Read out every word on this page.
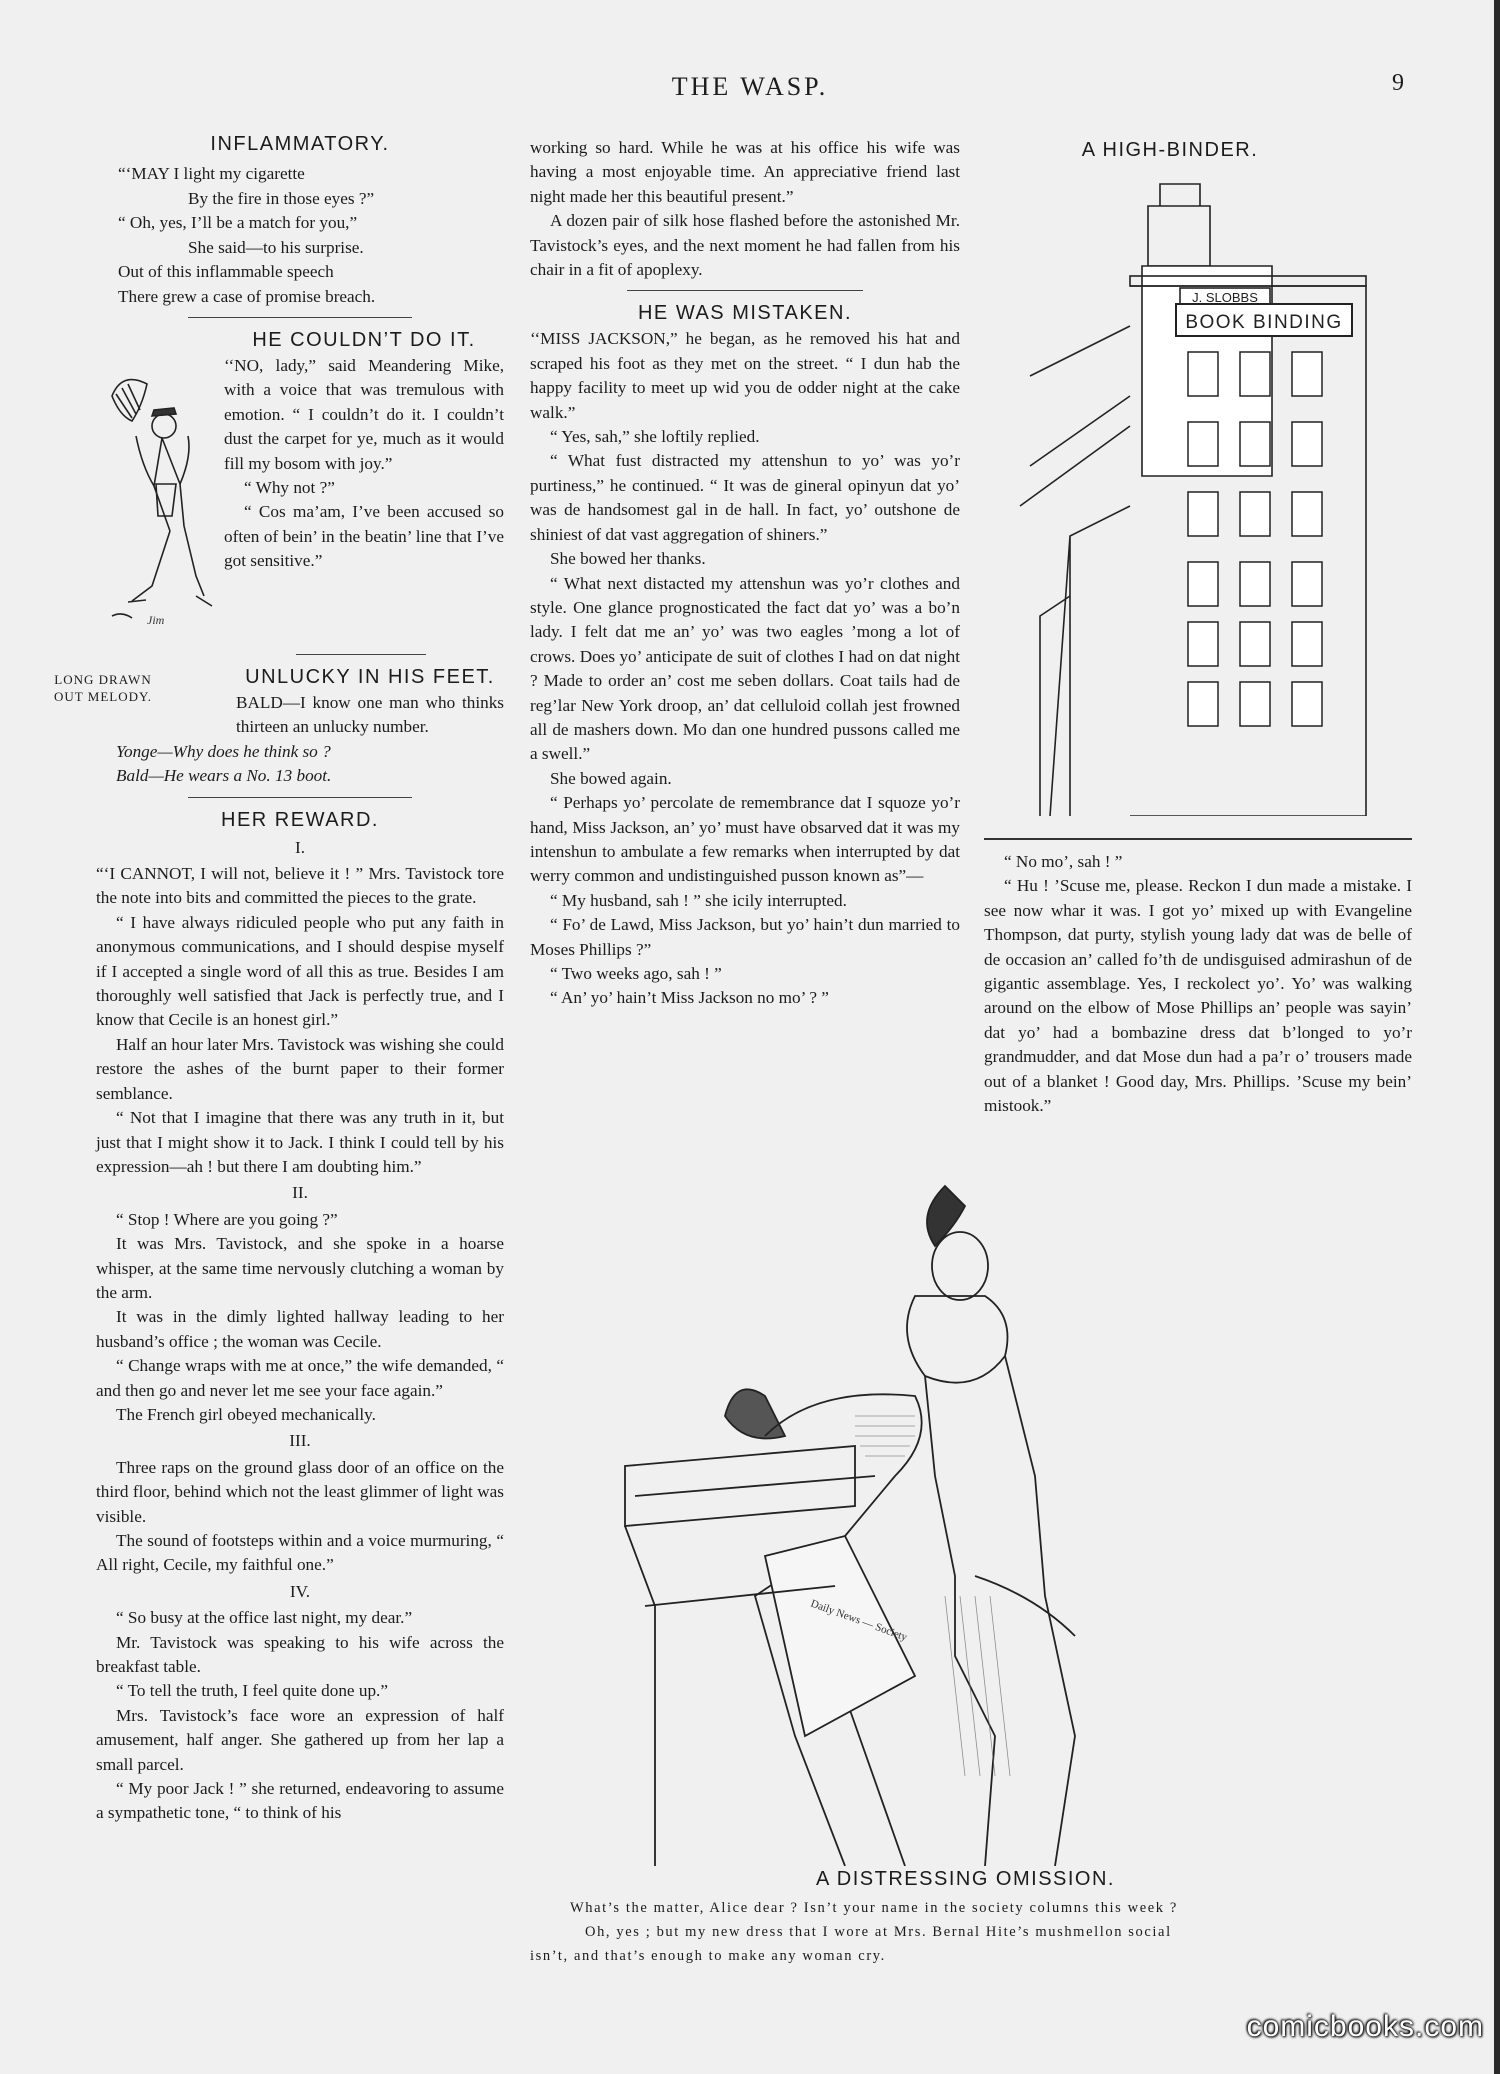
THE WASP.	9
INFLAMMATORY.
“‘MAY I light my cigarette
By the fire in those eyes ?”
“ Oh, yes, I’ll be a match for you,”
She said—to his surprise.
Out of this inflammable speech
There grew a case of promise breach.
Jim
HE COULDN’T DO IT.

‘‘NO, lady,” said Meandering Mike, with a voice that was tremulous with emotion. “ I couldn’t do it. I couldn’t dust the carpet for ye, much as it would fill my bosom with joy.”

“ Why not ?”

“ Cos ma’am, I’ve been accused so often of bein’ in the beatin’ line that I’ve got sensitive.”

LONG DRAWN OUT MELODY.
UNLUCKY IN HIS FEET.

BALD—I know one man who thinks thirteen an unlucky number.

Yonge—Why does he think so ?

Bald—He wears a No. 13 boot.

HER REWARD.
I.

“‘I CANNOT, I will not, believe it ! ” Mrs. Tavistock tore the note into bits and committed the pieces to the grate.

“ I have always ridiculed people who put any faith in anonymous communications, and I should despise myself if I accepted a single word of all this as true. Besides I am thoroughly well satisfied that Jack is perfectly true, and I know that Cecile is an honest girl.”

Half an hour later Mrs. Tavistock was wishing she could restore the ashes of the burnt paper to their former semblance.

“ Not that I imagine that there was any truth in it, but just that I might show it to Jack. I think I could tell by his expression—ah ! but there I am doubting him.”

II.

“ Stop ! Where are you going ?”

It was Mrs. Tavistock, and she spoke in a hoarse whisper, at the same time nervously clutching a woman by the arm.

It was in the dimly lighted hallway leading to her husband’s office ; the woman was Cecile.

“ Change wraps with me at once,” the wife demanded, “ and then go and never let me see your face again.”

The French girl obeyed mechanically.

III.

Three raps on the ground glass door of an office on the third floor, behind which not the least glimmer of light was visible.

The sound of footsteps within and a voice murmuring, “ All right, Cecile, my faithful one.”

IV.

“ So busy at the office last night, my dear.”

Mr. Tavistock was speaking to his wife across the breakfast table.

“ To tell the truth, I feel quite done up.”

Mrs. Tavistock’s face wore an expression of half amusement, half anger. She gathered up from her lap a small parcel.

“ My poor Jack ! ” she returned, endeavoring to assume a sympathetic tone, “ to think of his

working so hard. While he was at his office his wife was having a most enjoyable time. An appreciative friend last night made her this beautiful present.”

A dozen pair of silk hose flashed before the astonished Mr. Tavistock’s eyes, and the next moment he had fallen from his chair in a fit of apoplexy.

HE WAS MISTAKEN.

‘‘MISS JACKSON,” he began, as he removed his hat and scraped his foot as they met on the street. “ I dun hab the happy facility to meet up wid you de odder night at the cake walk.”

“ Yes, sah,” she loftily replied.

“ What fust distracted my attenshun to yo’ was yo’r purtiness,” he continued. “ It was de gineral opinyun dat yo’ was de handsomest gal in de hall. In fact, yo’ outshone de shiniest of dat vast aggregation of shiners.”

She bowed her thanks.

“ What next distacted my attenshun was yo’r clothes and style. One glance prognosticated the fact dat yo’ was a bo’n lady. I felt dat me an’ yo’ was two eagles ’mong a lot of crows. Does yo’ anticipate de suit of clothes I had on dat night ? Made to order an’ cost me seben dollars. Coat tails had de reg’lar New York droop, an’ dat celluloid collah jest frowned all de mashers down. Mo dan one hundred pussons called me a swell.”

She bowed again.

“ Perhaps yo’ percolate de remembrance dat I squoze yo’r hand, Miss Jackson, an’ yo’ must have obsarved dat it was my intenshun to ambulate a few remarks when interrupted by dat werry common and undistinguished pusson known as”—

“ My husband, sah ! ” she icily interrupted.

“ Fo’ de Lawd, Miss Jackson, but yo’ hain’t dun married to Moses Phillips ?”

“ Two weeks ago, sah ! ”

“ An’ yo’ hain’t Miss Jackson no mo’ ? ”

A HIGH-BINDER.
J. SLOBBS
BOOK BINDING

“ No mo’, sah ! ”

“ Hu ! ’Scuse me, please. Reckon I dun made a mistake. I see now whar it was. I got yo’ mixed up with Evangeline Thompson, dat purty, stylish young lady dat was de belle of de occasion an’ called fo’th de undisguised admirashun of de gigantic assemblage. Yes, I reckolect yo’. Yo’ was walking around on the elbow of Mose Phillips an’ people was sayin’ dat yo’ had a bombazine dress dat b’longed to yo’r grandmudder, and dat Mose dun had a pa’r o’ trousers made out of a blanket ! Good day, Mrs. Phillips. ’Scuse my bein’ mistook.”

Daily News — Society
A DISTRESSING OMISSION.
What’s the matter, Alice dear ? Isn’t your name in the society columns this week ?
Oh, yes ; but my new dress that I wore at Mrs. Bernal Hite’s mushmellon social
isn’t, and that’s enough to make any woman cry.
comicbooks.com
